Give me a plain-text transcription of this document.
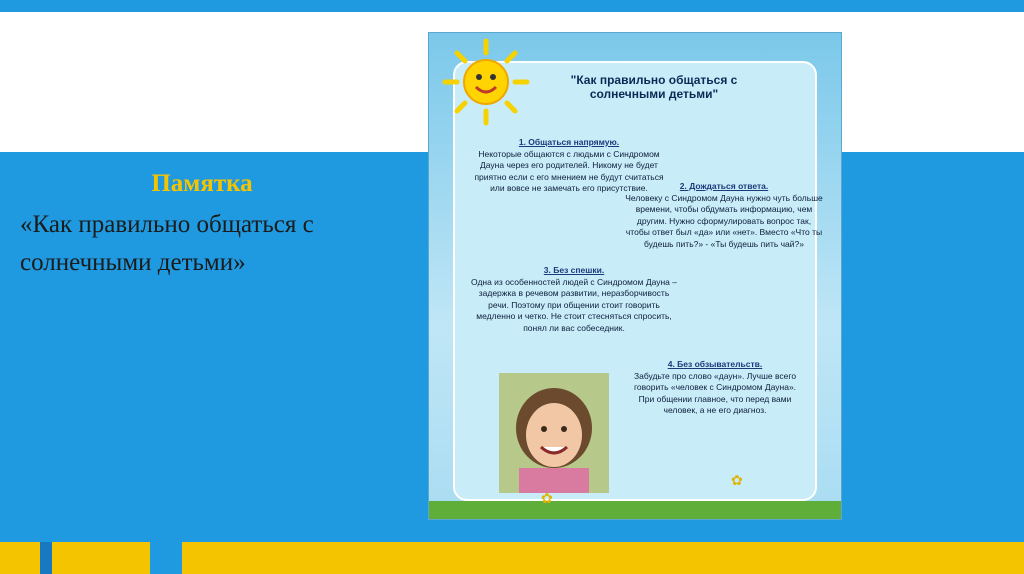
Памятка
«Как правильно общаться с солнечными детьми»
"Как правильно общаться с солнечными детьми"
1. Общаться напрямую.
Некоторые общаются с людьми с Синдромом Дауна через его родителей. Никому не будет приятно если с его мнением не будут считаться или вовсе не замечать его присутствие.	2. Дождаться ответа.
Человеку с Синдромом Дауна нужно чуть больше времени, чтобы обдумать информацию, чем другим. Нужно сформулировать вопрос так, чтобы ответ был «да» или «нет». Вместо «Что ты будешь пить?» - «Ты будешь пить чай?»
3. Без спешки.
Одна из особенностей людей с Синдромом Дауна – задержка в речевом развитии, неразборчивость речи. Поэтому при общении стоит говорить медленно и четко. Не стоит стесняться спросить, понял ли вас собеседник.
4. Без обзывательств.
Забудьте про слово «даун». Лучше всего говорить «человек с Синдромом Дауна». При общении главное, что перед вами человек, а не его диагноз.
✿
✿
